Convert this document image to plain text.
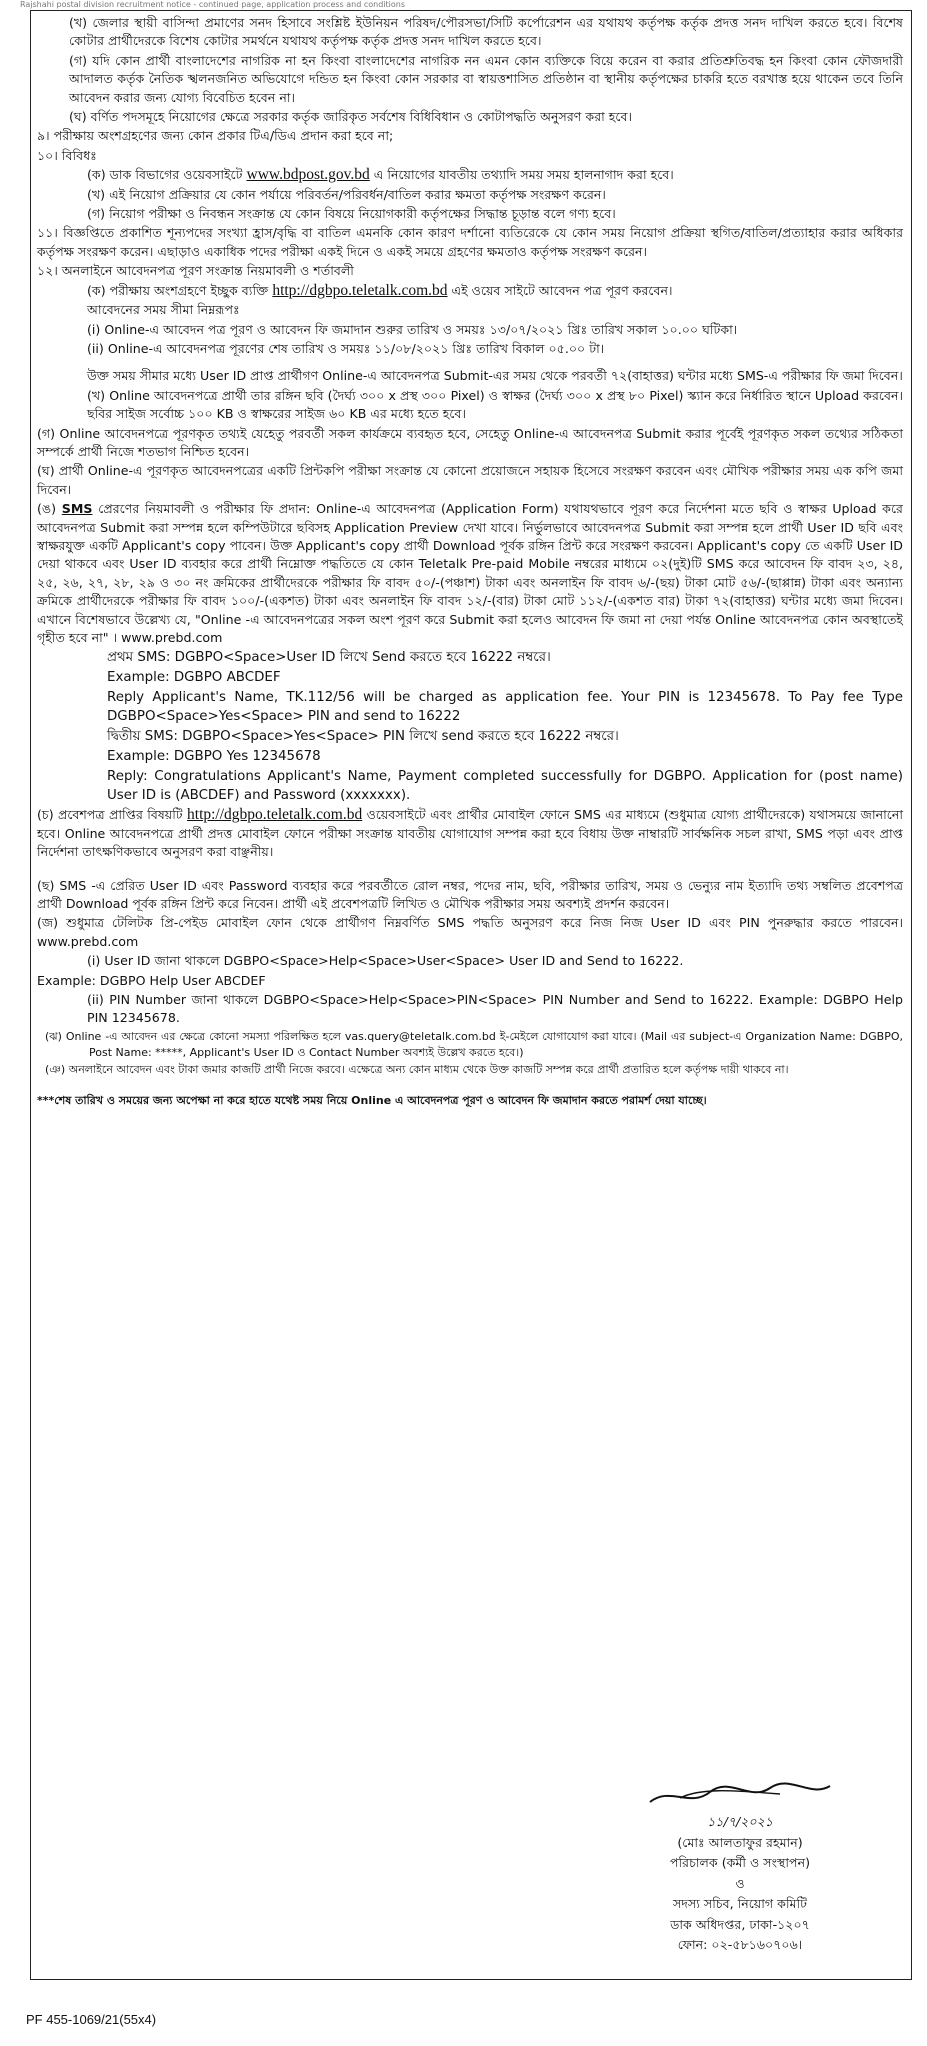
Rajshahi postal division recruitment notice - continued page, application process and conditions

(খ) জেলার স্থায়ী বাসিন্দা প্রমাণের সনদ হিসাবে সংশ্লিষ্ট ইউনিয়ন পরিষদ/পৌরসভা/সিটি কর্পোরেশন এর যথাযথ কর্তৃপক্ষ কর্তৃক প্রদত্ত সনদ দাখিল করতে হবে। বিশেষ কোটার প্রার্থীদেরকে বিশেষ কোটার সমর্থনে যথাযথ কর্তৃপক্ষ কর্তৃক প্রদত্ত সনদ দাখিল করতে হবে।

(গ) যদি কোন প্রার্থী বাংলাদেশের নাগরিক না হন কিংবা বাংলাদেশের নাগরিক নন এমন কোন ব্যক্তিকে বিয়ে করেন বা করার প্রতিশ্রুতিবদ্ধ হন কিংবা কোন ফৌজদারী আদালত কর্তৃক নৈতিক স্খলনজনিত অভিযোগে দন্ডিত হন কিংবা কোন সরকার বা স্বায়ত্তশাসিত প্রতিষ্ঠান বা স্থানীয় কর্তৃপক্ষের চাকরি হতে বরখাস্ত হয়ে থাকেন তবে তিনি আবেদন করার জন্য যোগ্য বিবেচিত হবেন না।

(ঘ) বর্ণিত পদসমূহে নিয়োগের ক্ষেত্রে সরকার কর্তৃক জারিকৃত সর্বশেষ বিধিবিধান ও কোটাপদ্ধতি অনুসরণ করা হবে।

৯। পরীক্ষায় অংশগ্রহণের জন্য কোন প্রকার টিএ/ডিএ প্রদান করা হবে না;

১০। বিবিধঃ

(ক) ডাক বিভাগের ওয়েবসাইটে www.bdpost.gov.bd এ নিয়োগের যাবতীয় তথ্যাদি সময় সময় হালনাগাদ করা হবে।

(খ) এই নিয়োগ প্রক্রিয়ার যে কোন পর্যায়ে পরিবর্তন/পরিবর্ধন/বাতিল করার ক্ষমতা কর্তৃপক্ষ সংরক্ষণ করেন।

(গ) নিয়োগ পরীক্ষা ও নিবন্ধন সংক্রান্ত যে কোন বিষয়ে নিয়োগকারী কর্তৃপক্ষের সিদ্ধান্ত চূড়ান্ত বলে গণ্য হবে।

১১। বিজ্ঞপ্তিতে প্রকাশিত শূন্যপদের সংখ্যা হ্রাস/বৃদ্ধি বা বাতিল এমনকি কোন কারণ দর্শানো ব্যতিরেকে যে কোন সময় নিয়োগ প্রক্রিয়া স্থগিত/বাতিল/প্রত্যাহার করার অধিকার কর্তৃপক্ষ সংরক্ষণ করেন। এছাড়াও একাধিক পদের পরীক্ষা একই দিনে ও একই সময়ে গ্রহণের ক্ষমতাও কর্তৃপক্ষ সংরক্ষণ করেন।

১২। অনলাইনে আবেদনপত্র পূরণ সংক্রান্ত নিয়মাবলী ও শর্তাবলী

(ক) পরীক্ষায় অংশগ্রহণে ইচ্ছুক ব্যক্তি http://dgbpo.teletalk.com.bd এই ওয়েব সাইটে আবেদন পত্র পূরণ করবেন।

আবেদনের সময় সীমা নিম্নরূপঃ

(i) Online-এ আবেদন পত্র পূরণ ও আবেদন ফি জমাদান শুরুর তারিখ ও সময়ঃ ১৩/০৭/২০২১ খ্রিঃ তারিখ সকাল ১০.০০ ঘটিকা।

(ii) Online-এ আবেদনপত্র পূরণের শেষ তারিখ ও সময়ঃ ১১/০৮/২০২১ খ্রিঃ তারিখ বিকাল ০৫.০০ টা।

উক্ত সময় সীমার মধ্যে User ID প্রাপ্ত প্রার্থীগণ Online-এ আবেদনপত্র Submit-এর সময় থেকে পরবর্তী ৭২(বাহাত্তর) ঘন্টার মধ্যে SMS-এ পরীক্ষার ফি জমা দিবেন।

(খ) Online আবেদনপত্রে প্রার্থী তার রঙ্গিন ছবি (দৈর্ঘ্য ৩০০ x প্রস্থ ৩০০ Pixel) ও স্বাক্ষর (দৈর্ঘ্য ৩০০ x প্রস্থ ৮০ Pixel) স্ক্যান করে নির্ধারিত স্থানে Upload করবেন। ছবির সাইজ সর্বোচ্চ ১০০ KB ও স্বাক্ষরের সাইজ ৬০ KB এর মধ্যে হতে হবে।

(গ) Online আবেদনপত্রে পূরণকৃত তথ্যই যেহেতু পরবর্তী সকল কার্যক্রমে ব্যবহৃত হবে, সেহেতু Online-এ আবেদনপত্র Submit করার পূর্বেই পূরণকৃত সকল তথ্যের সঠিকতা সম্পর্কে প্রার্থী নিজে শতভাগ নিশ্চিত হবেন।

(ঘ) প্রার্থী Online-এ পূরণকৃত আবেদনপত্রের একটি প্রিন্টকপি পরীক্ষা সংক্রান্ত যে কোনো প্রয়োজনে সহায়ক হিসেবে সংরক্ষণ করবেন এবং মৌখিক পরীক্ষার সময় এক কপি জমা দিবেন।

(ঙ) SMS প্রেরণের নিয়মাবলী ও পরীক্ষার ফি প্রদান: Online-এ আবেদনপত্র (Application Form) যথাযথভাবে পূরণ করে নির্দেশনা মতে ছবি ও স্বাক্ষর Upload করে আবেদনপত্র Submit করা সম্পন্ন হলে কম্পিউটারে ছবিসহ Application Preview দেখা যাবে। নির্ভুলভাবে আবেদনপত্র Submit করা সম্পন্ন হলে প্রার্থী User ID ছবি এবং স্বাক্ষরযুক্ত একটি Applicant's copy পাবেন। উক্ত Applicant's copy প্রার্থী Download পূর্বক রঙ্গিন প্রিন্ট করে সংরক্ষণ করবেন। Applicant's copy তে একটি User ID দেয়া থাকবে এবং User ID ব্যবহার করে প্রার্থী নিম্নোক্ত পদ্ধতিতে যে কোন Teletalk Pre-paid Mobile নম্বরের মাধ্যমে ০২(দুই)টি SMS করে আবেদন ফি বাবদ ২৩, ২৪, ২৫, ২৬, ২৭, ২৮, ২৯ ও ৩০ নং ক্রমিকের প্রার্থীদেরকে পরীক্ষার ফি বাবদ ৫০/-(পঞ্চাশ) টাকা এবং অনলাইন ফি বাবদ ৬/-(ছয়) টাকা মোট ৫৬/-(ছাপ্পান্ন) টাকা এবং অন্যান্য ক্রমিকে প্রার্থীদেরকে পরীক্ষার ফি বাবদ ১০০/-(একশত) টাকা এবং অনলাইন ফি বাবদ ১২/-(বার) টাকা মোট ১১২/-(একশত বার) টাকা ৭২(বাহাত্তর) ঘন্টার মধ্যে জমা দিবেন। এখানে বিশেষভাবে উল্লেখ্য যে, "Online -এ আবেদনপত্রের সকল অংশ পূরণ করে Submit করা হলেও আবেদন ফি জমা না দেয়া পর্যন্ত Online আবেদনপত্র কোন অবস্থাতেই গৃহীত হবে না" । www.prebd.com

প্রথম SMS: DGBPO<Space>User ID লিখে Send করতে হবে 16222 নম্বরে।

Example: DGBPO ABCDEF

Reply Applicant's Name, TK.112/56 will be charged as application fee. Your PIN is 12345678. To Pay fee Type DGBPO<Space>Yes<Space> PIN and send to 16222

দ্বিতীয় SMS: DGBPO<Space>Yes<Space> PIN লিখে send করতে হবে 16222 নম্বরে।

Example: DGBPO Yes 12345678

Reply: Congratulations Applicant's Name, Payment completed successfully for DGBPO. Application for (post name) User ID is (ABCDEF) and Password (xxxxxxx).

(চ) প্রবেশপত্র প্রাপ্তির বিষয়টি http://dgbpo.teletalk.com.bd ওয়েবসাইটে এবং প্রার্থীর মোবাইল ফোনে SMS এর মাধ্যমে (শুধুমাত্র যোগ্য প্রার্থীদেরকে) যথাসময়ে জানানো হবে। Online আবেদনপত্রে প্রার্থী প্রদত্ত মোবাইল ফোনে পরীক্ষা সংক্রান্ত যাবতীয় যোগাযোগ সম্পন্ন করা হবে বিধায় উক্ত নাম্বারটি সার্বক্ষনিক সচল রাখা, SMS পড়া এবং প্রাপ্ত নির্দেশনা তাৎক্ষণিকভাবে অনুসরণ করা বাঞ্ছনীয়।

(ছ) SMS -এ প্রেরিত User ID এবং Password ব্যবহার করে পরবর্তীতে রোল নম্বর, পদের নাম, ছবি, পরীক্ষার তারিখ, সময় ও ভেন্যুর নাম ইত্যাদি তথ্য সম্বলিত প্রবেশপত্র প্রার্থী Download পূর্বক রঙ্গিন প্রিন্ট করে নিবেন। প্রার্থী এই প্রবেশপত্রটি লিখিত ও মৌখিক পরীক্ষার সময় অবশ্যই প্রদর্শন করবেন।

(জ) শুধুমাত্র টেলিটক প্রি-পেইড মোবাইল ফোন থেকে প্রার্থীগণ নিম্নবর্ণিত SMS পদ্ধতি অনুসরণ করে নিজ নিজ User ID এবং PIN পুনরুদ্ধার করতে পারবেন। www.prebd.com

(i) User ID জানা থাকলে DGBPO<Space>Help<Space>User<Space> User ID and Send to 16222.

Example: DGBPO Help User ABCDEF

(ii) PIN Number জানা থাকলে DGBPO<Space>Help<Space>PIN<Space> PIN Number and Send to 16222. Example: DGBPO Help PIN 12345678.

(ঝ) Online -এ আবেদন এর ক্ষেত্রে কোনো সমস্যা পরিলক্ষিত হলে vas.query@teletalk.com.bd ই-মেইলে যোগাযোগ করা যাবে। (Mail এর subject-এ Organization Name: DGBPO, Post Name: *****, Applicant's User ID ও Contact Number অবশ্যই উল্লেখ করতে হবে।)

(ঞ) অনলাইনে আবেদন এবং টাকা জমার কাজটি প্রার্থী নিজে করবে। এক্ষেত্রে অন্য কোন মাধ্যম থেকে উক্ত কাজটি সম্পন্ন করে প্রার্থী প্রতারিত হলে কর্তৃপক্ষ দায়ী থাকবে না।

***শেষ তারিখ ও সময়ের জন্য অপেক্ষা না করে হাতে যথেষ্ট সময় নিয়ে Online এ আবেদনপত্র পূরণ ও আবেদন ফি জমাদান করতে পরামর্শ দেয়া যাচ্ছে।

১১/৭/২০২১

(মোঃ আলতাফুর রহমান)

পরিচালক (কর্মী ও সংস্থাপন)

ও

সদস্য সচিব, নিয়োগ কমিটি

ডাক অধিদপ্তর, ঢাকা-১২০৭

ফোন: ০২-৫৮১৬০৭০৬।

PF 455-1069/21(55x4)
